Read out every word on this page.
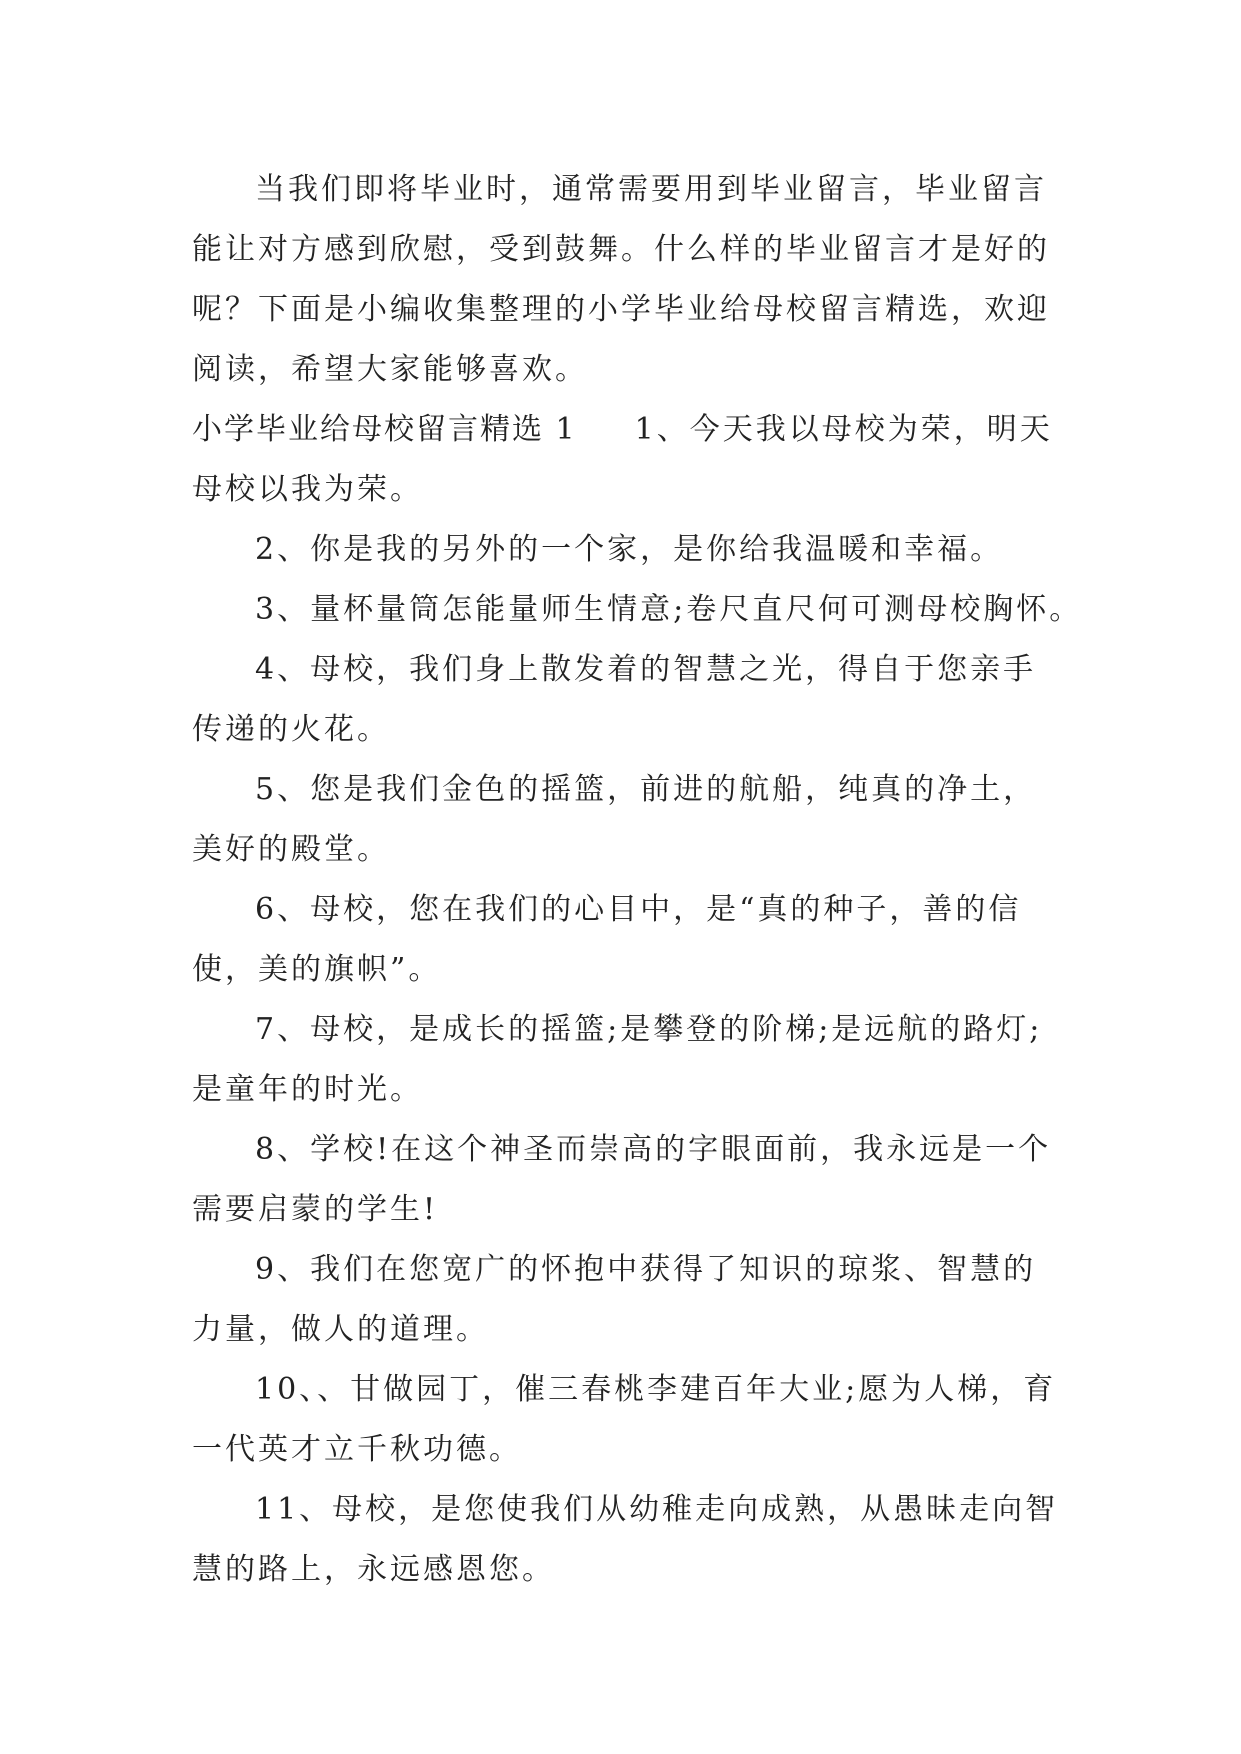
当我们即将毕业时，通常需要用到毕业留言，毕业留言
能让对方感到欣慰，受到鼓舞。什么样的毕业留言才是好的
呢？下面是小编收集整理的小学毕业给母校留言精选，欢迎
阅读，希望大家能够喜欢。
小学毕业给母校留言精选 1 1、今天我以母校为荣，明天
母校以我为荣。
2、你是我的另外的一个家，是你给我温暖和幸福。
3、量杯量筒怎能量师生情意;卷尺直尺何可测母校胸怀。
4、母校，我们身上散发着的智慧之光，得自于您亲手
传递的火花。
5、您是我们金色的摇篮，前进的航船，纯真的净土，
美好的殿堂。
6、母校，您在我们的心目中，是“真的种子，善的信
使，美的旗帜”。
7、母校，是成长的摇篮;是攀登的阶梯;是远航的路灯;
是童年的时光。
8、学校!在这个神圣而崇高的字眼面前，我永远是一个
需要启蒙的学生!
9、我们在您宽广的怀抱中获得了知识的琼浆、智慧的
力量，做人的道理。
10、、甘做园丁，催三春桃李建百年大业;愿为人梯，育
一代英才立千秋功德。
11、母校，是您使我们从幼稚走向成熟，从愚昧走向智
慧的路上，永远感恩您。
